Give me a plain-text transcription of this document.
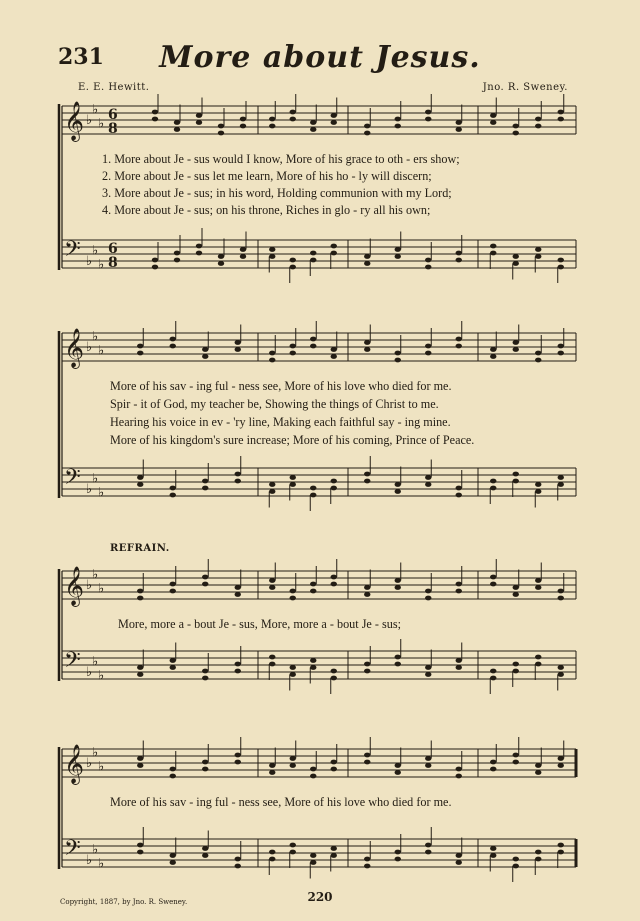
𝄞 ♭
♭
♭
6
8
𝄢 ♭
♭
♭
6
8
𝄞 ♭
♭
♭
𝄢 ♭
♭
♭
𝄞 ♭
♭
♭
𝄢 ♭
♭
♭
𝄞 ♭
♭
♭
𝄢 ♭
♭
♭
231	More about Jesus.
E. E. Hewitt.	Jno. R. Sweney.
1. More about Je - sus would I know, More of his grace to oth - ers show;
2. More about Je - sus let me learn, More of his ho - ly will discern;
3. More about Je - sus; in his word, Holding communion with my Lord;
4. More about Je - sus; on his throne, Riches in glo - ry all his own;
More of his sav - ing ful - ness see, More of his love who died for me.
Spir - it of God, my teacher be, Showing the things of Christ to me.
Hearing his voice in ev - 'ry line, Making each faithful say - ing mine.
More of his kingdom's sure increase; More of his coming, Prince of Peace.
REFRAIN.
More, more a - bout Je - sus, More, more a - bout Je - sus;
More of his sav - ing ful - ness see, More of his love who died for me.
Copyright, 1887, by Jno. R. Sweney.	220
